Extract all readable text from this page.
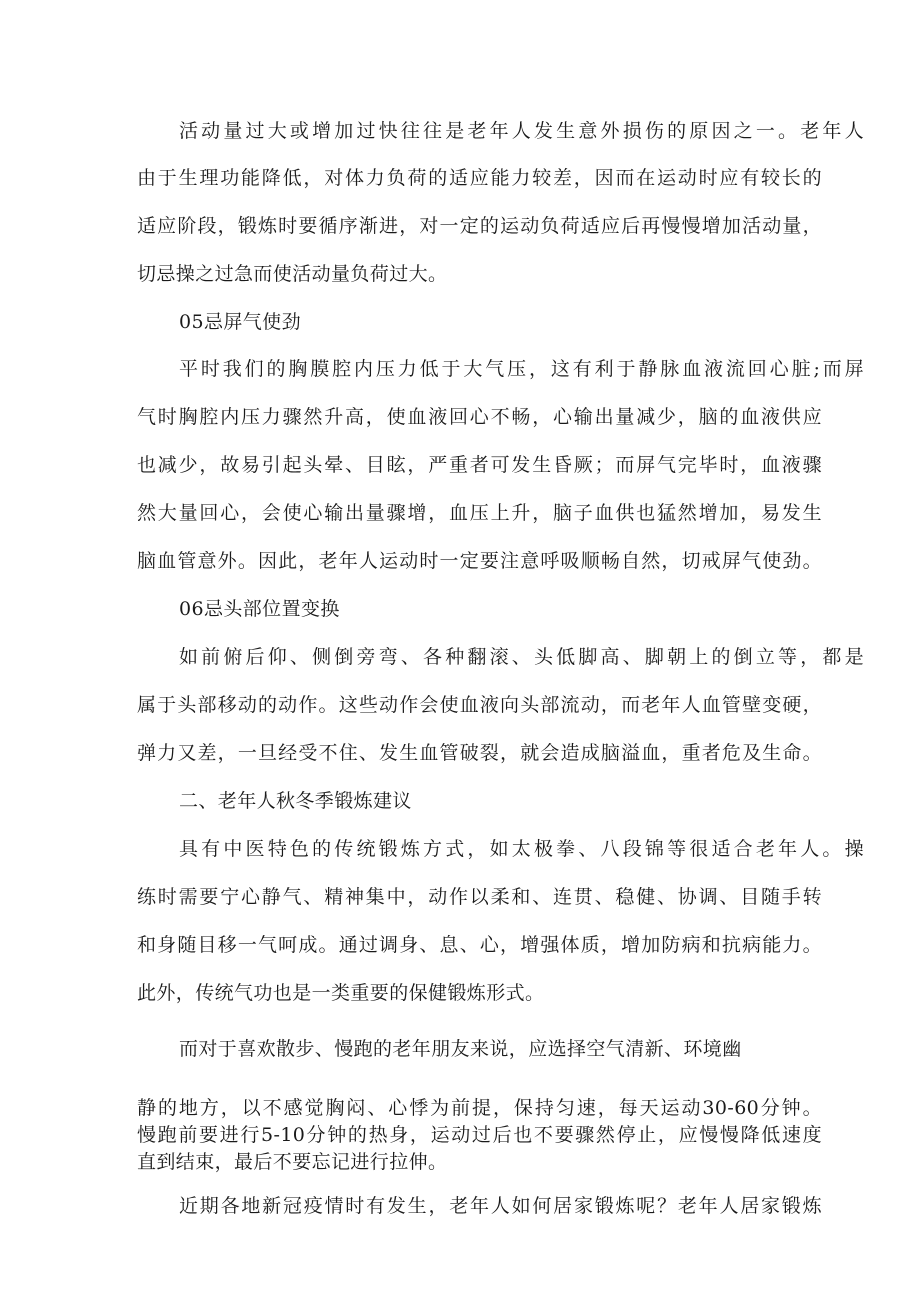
活动量过大或增加过快往往是老年人发生意外损伤的原因之一。老年人
由于生理功能降低，对体力负荷的适应能力较差，因而在运动时应有较长的
适应阶段，锻炼时要循序渐进，对一定的运动负荷适应后再慢慢增加活动量，
切忌操之过急而使活动量负荷过大。
05忌屏气使劲
平时我们的胸膜腔内压力低于大气压，这有利于静脉血液流回心脏;而屏
气时胸腔内压力骤然升高，使血液回心不畅，心输出量减少，脑的血液供应
也减少，故易引起头晕、目眩，严重者可发生昏厥；而屏气完毕时，血液骤
然大量回心，会使心输出量骤增，血压上升，脑子血供也猛然增加，易发生
脑血管意外。因此，老年人运动时一定要注意呼吸顺畅自然，切戒屏气使劲。
06忌头部位置变换
如前俯后仰、侧倒旁弯、各种翻滚、头低脚高、脚朝上的倒立等，都是
属于头部移动的动作。这些动作会使血液向头部流动，而老年人血管壁变硬，
弹力又差，一旦经受不住、发生血管破裂，就会造成脑溢血，重者危及生命。
二、老年人秋冬季锻炼建议
具有中医特色的传统锻炼方式，如太极拳、八段锦等很适合老年人。操
练时需要宁心静气、精神集中，动作以柔和、连贯、稳健、协调、目随手转
和身随目移一气呵成。通过调身、息、心，增强体质，增加防病和抗病能力。
此外，传统气功也是一类重要的保健锻炼形式。
而对于喜欢散步、慢跑的老年朋友来说，应选择空气清新、环境幽
静的地方，以不感觉胸闷、心悸为前提，保持匀速，每天运动30-60分钟。
慢跑前要进行5-10分钟的热身，运动过后也不要骤然停止，应慢慢降低速度
直到结束，最后不要忘记进行拉伸。
近期各地新冠疫情时有发生，老年人如何居家锻炼呢？老年人居家锻炼
